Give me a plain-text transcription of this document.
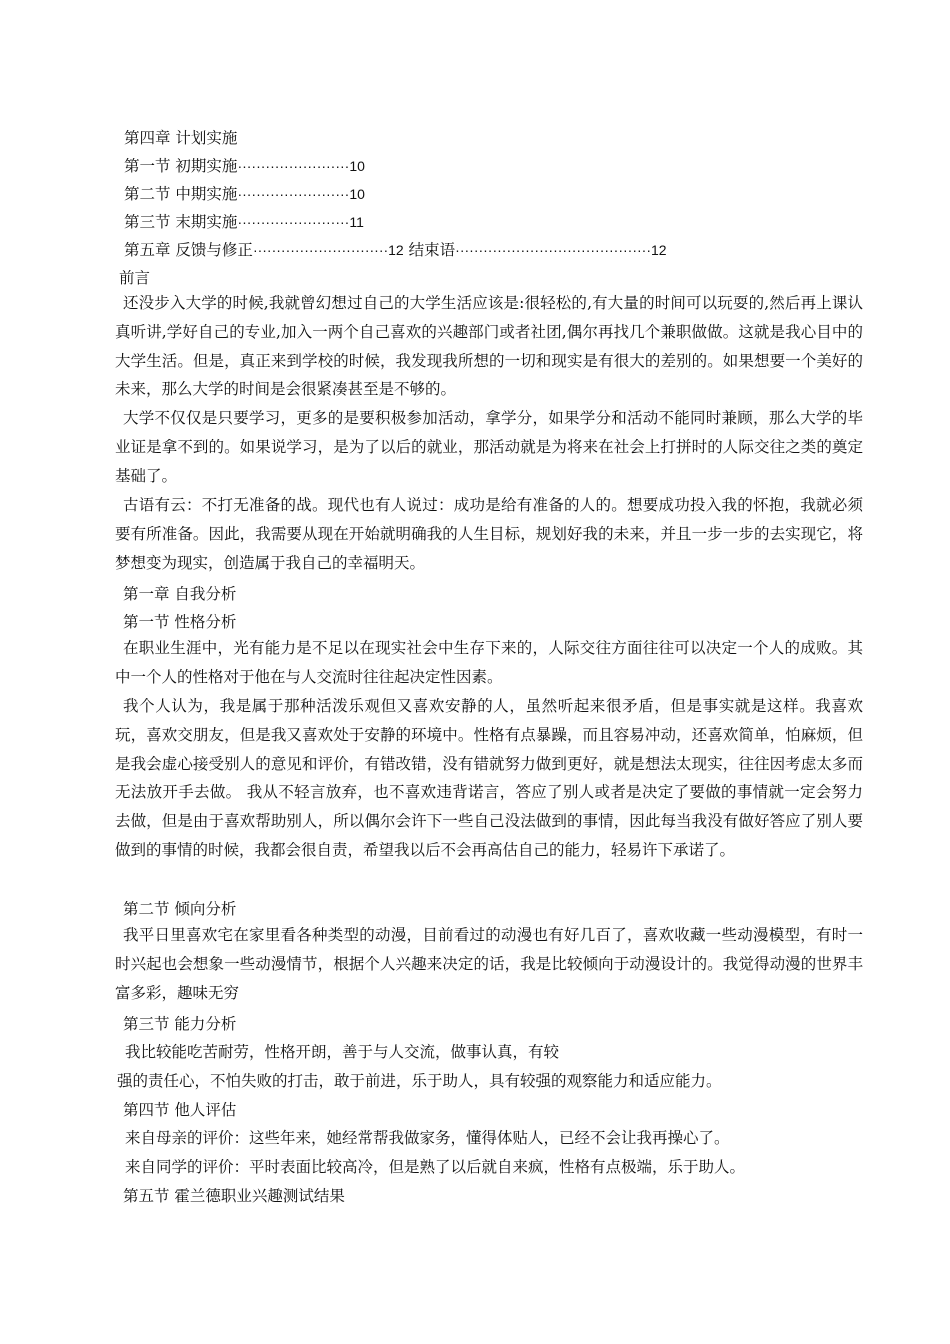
第四章 计划实施
第一节 初期实施························10
第二节 中期实施························10
第三节 末期实施························11
第五章 反馈与修正·····························12 结束语··········································12
前言
还没步入大学的时候,我就曾幻想过自己的大学生活应该是:很轻松的,有大量的时间可以玩耍的,然后再上课认真听讲,学好自己的专业,加入一两个自己喜欢的兴趣部门或者社团,偶尔再找几个兼职做做。这就是我心目中的大学生活。但是，真正来到学校的时候，我发现我所想的一切和现实是有很大的差别的。如果想要一个美好的未来，那么大学的时间是会很紧凑甚至是不够的。
大学不仅仅是只要学习，更多的是要积极参加活动，拿学分，如果学分和活动不能同时兼顾，那么大学的毕业证是拿不到的。如果说学习，是为了以后的就业，那活动就是为将来在社会上打拼时的人际交往之类的奠定基础了。
古语有云：不打无准备的战。现代也有人说过：成功是给有准备的人的。想要成功投入我的怀抱，我就必须要有所准备。因此，我需要从现在开始就明确我的人生目标，规划好我的未来，并且一步一步的去实现它，将梦想变为现实，创造属于我自己的幸福明天。
第一章 自我分析
第一节 性格分析
在职业生涯中，光有能力是不足以在现实社会中生存下来的，人际交往方面往往可以决定一个人的成败。其中一个人的性格对于他在与人交流时往往起决定性因素。
我个人认为，我是属于那种活泼乐观但又喜欢安静的人，虽然听起来很矛盾，但是事实就是这样。我喜欢玩，喜欢交朋友，但是我又喜欢处于安静的环境中。性格有点暴躁，而且容易冲动，还喜欢简单，怕麻烦，但是我会虚心接受别人的意见和评价，有错改错，没有错就努力做到更好，就是想法太现实，往往因考虑太多而无法放开手去做。 我从不轻言放弃，也不喜欢违背诺言，答应了别人或者是决定了要做的事情就一定会努力去做，但是由于喜欢帮助别人，所以偶尔会许下一些自己没法做到的事情，因此每当我没有做好答应了别人要做到的事情的时候，我都会很自责，希望我以后不会再高估自己的能力，轻易许下承诺了。
第二节 倾向分析
我平日里喜欢宅在家里看各种类型的动漫，目前看过的动漫也有好几百了，喜欢收藏一些动漫模型，有时一时兴起也会想象一些动漫情节，根据个人兴趣来决定的话，我是比较倾向于动漫设计的。我觉得动漫的世界丰富多彩，趣味无穷
第三节 能力分析
我比较能吃苦耐劳，性格开朗，善于与人交流，做事认真，有较
强的责任心，不怕失败的打击，敢于前进，乐于助人，具有较强的观察能力和适应能力。
第四节 他人评估
来自母亲的评价：这些年来，她经常帮我做家务，懂得体贴人，已经不会让我再操心了。
来自同学的评价：平时表面比较高冷，但是熟了以后就自来疯，性格有点极端，乐于助人。
第五节 霍兰德职业兴趣测试结果
